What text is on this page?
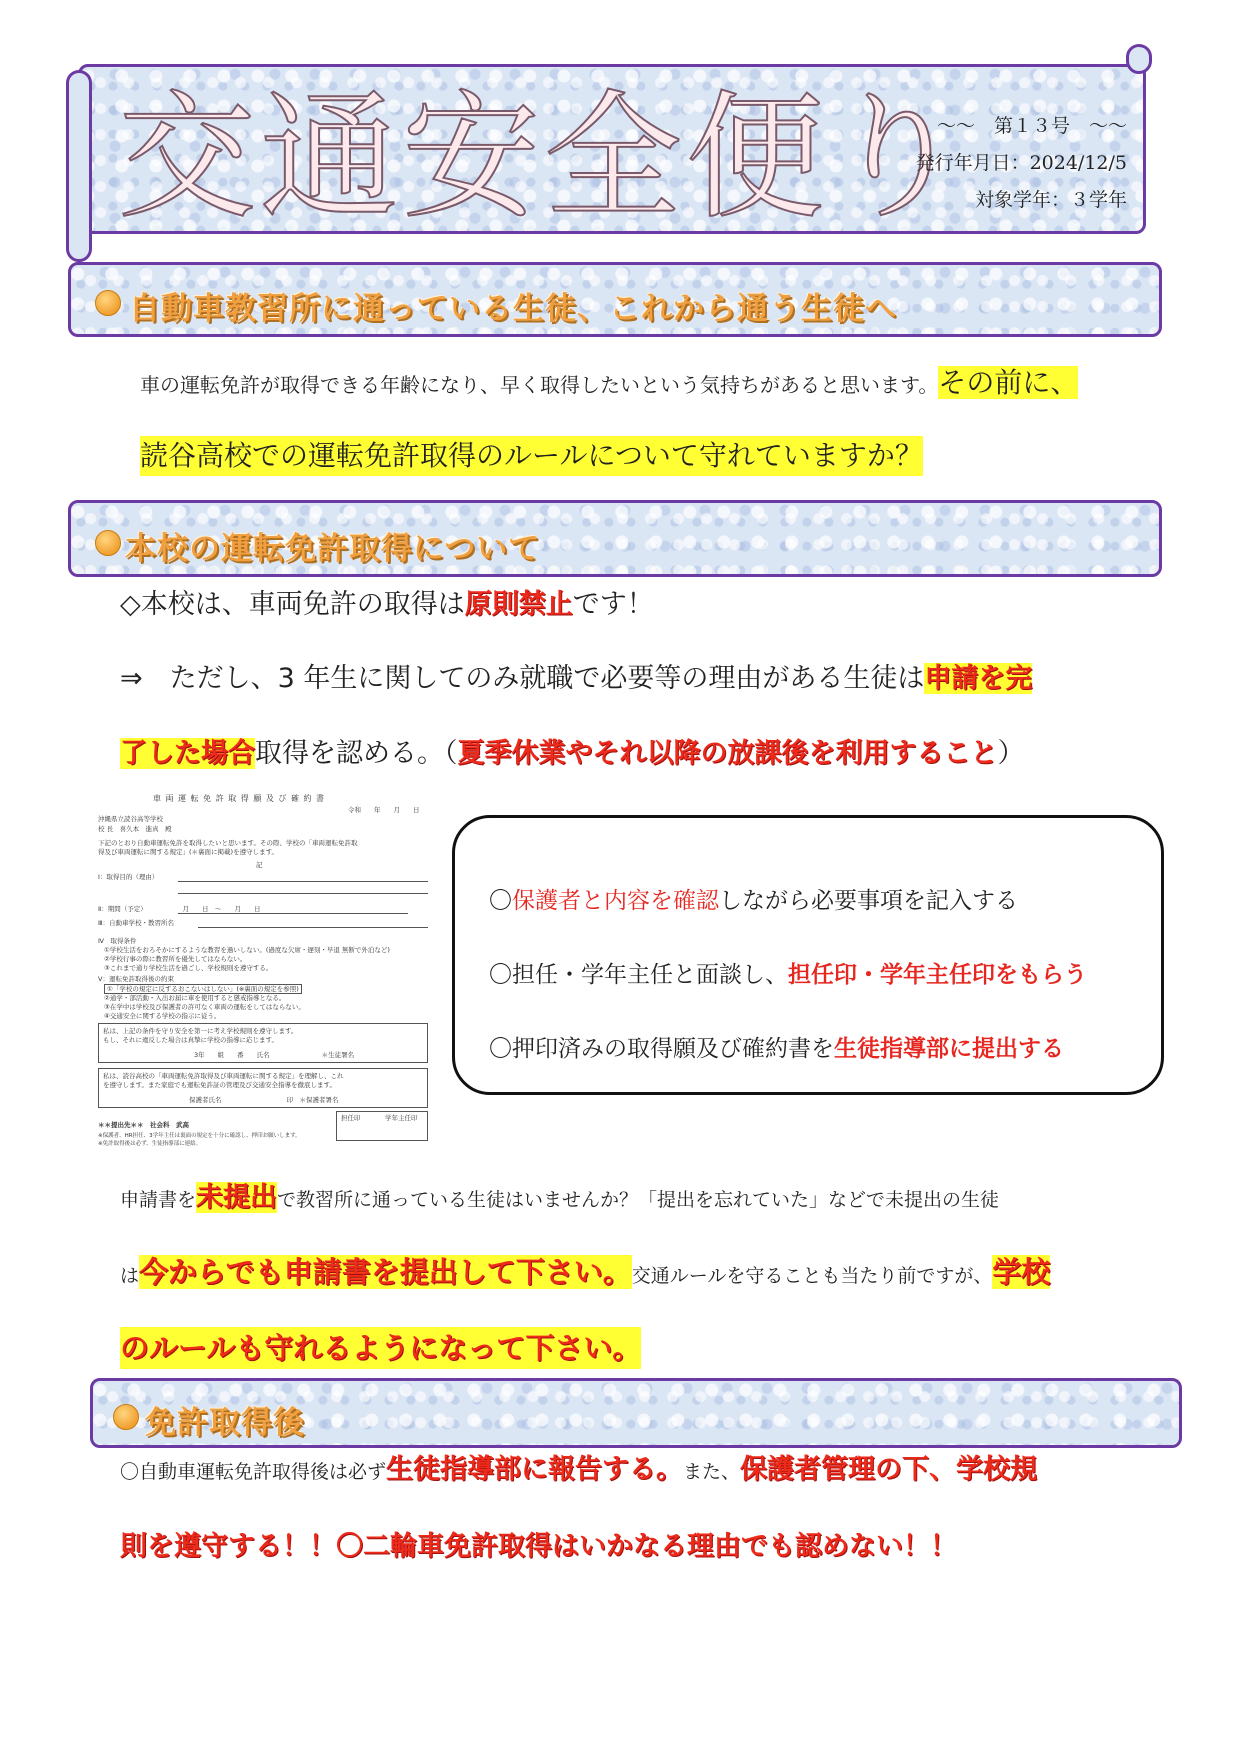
交通安全便り
〜〜　第１３号　〜〜
発行年月日：2024/12/5
対象学年：３学年
自動車教習所に通っている生徒、これから通う生徒へ
車の運転免許が取得できる年齢になり、早く取得したいという気持ちがあると思います。その前に、
読谷高校での運転免許取得のルールについて守れていますか？
本校の運転免許取得について
◇本校は、車両免許の取得は原則禁止です！
⇒　ただし、3 年生に関してのみ就職で必要等の理由がある生徒は申請を完
了した場合取得を認める。（夏季休業やそれ以降の放課後を利用すること）
車 両 運 転 免 許 取 得 願 及 び 確 約 書
令和　　年　　月　　日
沖縄県立読谷高等学校
校 長　喜久本　進真　殿
下記のとおり自動車運転免許を取得したいと思います。その際、学校の「車両運転免許取
得及び車両運転に関する規定」(＊裏面に掲載)を遵守します。
記
Ⅰ：取得目的（理由）
Ⅱ：期間（予定）　　　　　　月　　日　～　　月　　日
Ⅲ：自動車学校・教習所名
Ⅳ　取得条件
①学校生活をおろそかにするような教習を過いしない。(過度な欠席・遅刻・早退 無断で外泊など)
②学校行事の際に教習所を優先してはならない。
③これまで通り学校生活を過ごし、学校規則を遵守する。
Ⅴ：運転免許取得後の約束
①「学校の規定に反するおこないはしない」(※裏面の規定を参照)
②通学・部活動・入出お届に車を使用すると懲戒指導となる。
③在学中は学校及び保護者の許可なく車両の運転をしてはならない。
④交通安全に関する学校の指示に従う。
私は、上記の条件を守り安全を第一に考え学校規則を遵守します。
もし、それに違反した場合は真摯に学校の指導に応じます。
3年　　組　　番　　氏名　　　　　　　　＊生徒署名
私は、読谷高校の「車両運転免許取得及び車両運転に関する規定」を理解し、これ
を遵守します。また家庭でも運転免許証の管理及び交通安全指導を徹底します。
保護者氏名　　　　　　　　　　印　＊保護者署名
担任印	学年主任印
＊＊提出先＊＊　社会科　武高
※保護者、HR担任、3学年主任は裏面の規定を十分に確認し、押印お願いします。
※免許取得後は必ず、生徒指導部に連絡。
〇保護者と内容を確認しながら必要事項を記入する
〇担任・学年主任と面談し、担任印・学年主任印をもらう
〇押印済みの取得願及び確約書を生徒指導部に提出する
申請書を未提出で教習所に通っている生徒はいませんか？「提出を忘れていた」などで未提出の生徒
は今からでも申請書を提出して下さい。交通ルールを守ることも当たり前ですが、学校
のルールも守れるようになって下さい。
免許取得後
〇自動車運転免許取得後は必ず生徒指導部に報告する。また、保護者管理の下、学校規
則を遵守する！！〇二輪車免許取得はいかなる理由でも認めない！！
